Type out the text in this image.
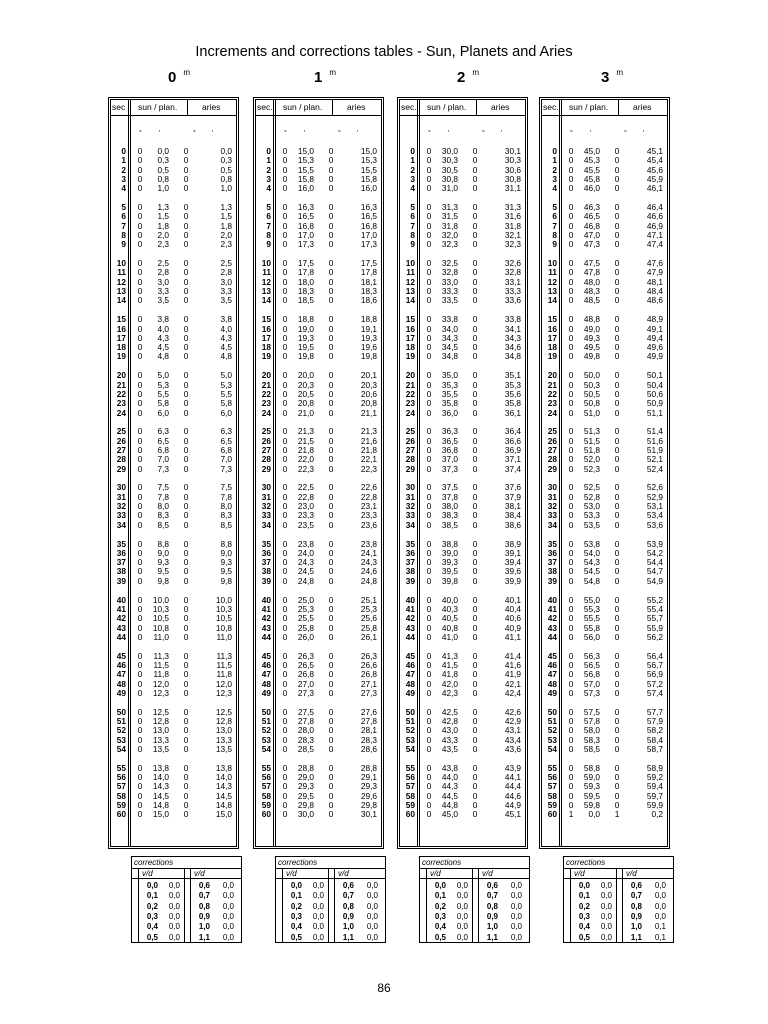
Increments and corrections tables - Sun, Planets and Aries
0 $^m$	1 $^m$	2 $^m$	3 $^m$
sec sun / plan.	aries
° '	° '
0	0	0,0	0	0,0
1	0	0,3	0	0,3
2	0	0,5	0	0,5
3	0	0,8	0	0,8
4	0	1,0	0	1,0
5	0	1,3	0	1,3
6	0	1,5	0	1,5
7	0	1,8	0	1,8
8	0	2,0	0	2,0
9	0	2,3	0	2,3
10	0	2,5	0	2,5
11	0	2,8	0	2,8
12	0	3,0	0	3,0
13	0	3,3	0	3,3
14	0	3,5	0	3,5
15	0	3,8	0	3,8
16	0	4,0	0	4,0
17	0	4,3	0	4,3
18	0	4,5	0	4,5
19	0	4,8	0	4,8
20	0	5,0	0	5,0
21	0	5,3	0	5,3
22	0	5,5	0	5,5
23	0	5,8	0	5,8
24	0	6,0	0	6,0
25	0	6,3	0	6,3
26	0	6,5	0	6,5
27	0	6,8	0	6,8
28	0	7,0	0	7,0
29	0	7,3	0	7,3
30	0	7,5	0	7,5
31	0	7,8	0	7,8
32	0	8,0	0	8,0
33	0	8,3	0	8,3
34	0	8,5	0	8,5
35	0	8,8	0	8,8
36	0	9,0	0	9,0
37	0	9,3	0	9,3
38	0	9,5	0	9,5
39	0	9,8	0	9,8
40	0	10,0	0	10,0
41	0	10,3	0	10,3
42	0	10,5	0	10,5
43	0	10,8	0	10,8
44	0	11,0	0	11,0
45	0	11,3	0	11,3
46	0	11,5	0	11,5
47	0	11,8	0	11,8
48	0	12,0	0	12,0
49	0	12,3	0	12,3
50	0	12,5	0	12,5
51	0	12,8	0	12,8
52	0	13,0	0	13,0
53	0	13,3	0	13,3
54	0	13,5	0	13,5
55	0	13,8	0	13,8
56	0	14,0	0	14,0
57	0	14,3	0	14,3
58	0	14,5	0	14,5
59	0	14,8	0	14,8
60	0	15,0	0	15,0
sec. sun / plan.	aries
° '	° '
0	0	15,0	0	15,0
1	0	15,3	0	15,3
2	0	15,5	0	15,5
3	0	15,8	0	15,8
4	0	16,0	0	16,0
5	0	16,3	0	16,3
6	0	16,5	0	16,5
7	0	16,8	0	16,8
8	0	17,0	0	17,0
9	0	17,3	0	17,3
10	0	17,5	0	17,5
11	0	17,8	0	17,8
12	0	18,0	0	18,1
13	0	18,3	0	18,3
14	0	18,5	0	18,6
15	0	18,8	0	18,8
16	0	19,0	0	19,1
17	0	19,3	0	19,3
18	0	19,5	0	19,6
19	0	19,8	0	19,8
20	0	20,0	0	20,1
21	0	20,3	0	20,3
22	0	20,5	0	20,6
23	0	20,8	0	20,8
24	0	21,0	0	21,1
25	0	21,3	0	21,3
26	0	21,5	0	21,6
27	0	21,8	0	21,8
28	0	22,0	0	22,1
29	0	22,3	0	22,3
30	0	22,5	0	22,6
31	0	22,8	0	22,8
32	0	23,0	0	23,1
33	0	23,3	0	23,3
34	0	23,5	0	23,6
35	0	23,8	0	23,8
36	0	24,0	0	24,1
37	0	24,3	0	24,3
38	0	24,5	0	24,6
39	0	24,8	0	24,8
40	0	25,0	0	25,1
41	0	25,3	0	25,3
42	0	25,5	0	25,6
43	0	25,8	0	25,8
44	0	26,0	0	26,1
45	0	26,3	0	26,3
46	0	26,5	0	26,6
47	0	26,8	0	26,8
48	0	27,0	0	27,1
49	0	27,3	0	27,3
50	0	27,5	0	27,6
51	0	27,8	0	27,8
52	0	28,0	0	28,1
53	0	28,3	0	28,3
54	0	28,5	0	28,6
55	0	28,8	0	28,8
56	0	29,0	0	29,1
57	0	29,3	0	29,3
58	0	29,5	0	29,6
59	0	29,8	0	29,8
60	0	30,0	0	30,1
sec. sun / plan.	aries
° '	° '
0	0	30,0	0	30,1
1	0	30,3	0	30,3
2	0	30,5	0	30,6
3	0	30,8	0	30,8
4	0	31,0	0	31,1
5	0	31,3	0	31,3
6	0	31,5	0	31,6
7	0	31,8	0	31,8
8	0	32,0	0	32,1
9	0	32,3	0	32,3
10	0	32,5	0	32,6
11	0	32,8	0	32,8
12	0	33,0	0	33,1
13	0	33,3	0	33,3
14	0	33,5	0	33,6
15	0	33,8	0	33,8
16	0	34,0	0	34,1
17	0	34,3	0	34,3
18	0	34,5	0	34,6
19	0	34,8	0	34,8
20	0	35,0	0	35,1
21	0	35,3	0	35,3
22	0	35,5	0	35,6
23	0	35,8	0	35,8
24	0	36,0	0	36,1
25	0	36,3	0	36,4
26	0	36,5	0	36,6
27	0	36,8	0	36,9
28	0	37,0	0	37,1
29	0	37,3	0	37,4
30	0	37,5	0	37,6
31	0	37,8	0	37,9
32	0	38,0	0	38,1
33	0	38,3	0	38,4
34	0	38,5	0	38,6
35	0	38,8	0	38,9
36	0	39,0	0	39,1
37	0	39,3	0	39,4
38	0	39,5	0	39,6
39	0	39,8	0	39,9
40	0	40,0	0	40,1
41	0	40,3	0	40,4
42	0	40,5	0	40,6
43	0	40,8	0	40,9
44	0	41,0	0	41,1
45	0	41,3	0	41,4
46	0	41,5	0	41,6
47	0	41,8	0	41,9
48	0	42,0	0	42,1
49	0	42,3	0	42,4
50	0	42,5	0	42,6
51	0	42,8	0	42,9
52	0	43,0	0	43,1
53	0	43,3	0	43,4
54	0	43,5	0	43,6
55	0	43,8	0	43,9
56	0	44,0	0	44,1
57	0	44,3	0	44,4
58	0	44,5	0	44,6
59	0	44,8	0	44,9
60	0	45,0	0	45,1
sec. sun / plan.	aries
° '	° '
0	0	45,0	0	45,1
1	0	45,3	0	45,4
2	0	45,5	0	45,6
3	0	45,8	0	45,9
4	0	46,0	0	46,1
5	0	46,3	0	46,4
6	0	46,5	0	46,6
7	0	46,8	0	46,9
8	0	47,0	0	47,1
9	0	47,3	0	47,4
10	0	47,5	0	47,6
11	0	47,8	0	47,9
12	0	48,0	0	48,1
13	0	48,3	0	48,4
14	0	48,5	0	48,6
15	0	48,8	0	48,9
16	0	49,0	0	49,1
17	0	49,3	0	49,4
18	0	49,5	0	49,6
19	0	49,8	0	49,9
20	0	50,0	0	50,1
21	0	50,3	0	50,4
22	0	50,5	0	50,6
23	0	50,8	0	50,9
24	0	51,0	0	51,1
25	0	51,3	0	51,4
26	0	51,5	0	51,6
27	0	51,8	0	51,9
28	0	52,0	0	52,1
29	0	52,3	0	52,4
30	0	52,5	0	52,6
31	0	52,8	0	52,9
32	0	53,0	0	53,1
33	0	53,3	0	53,4
34	0	53,5	0	53,6
35	0	53,8	0	53,9
36	0	54,0	0	54,2
37	0	54,3	0	54,4
38	0	54,5	0	54,7
39	0	54,8	0	54,9
40	0	55,0	0	55,2
41	0	55,3	0	55,4
42	0	55,5	0	55,7
43	0	55,8	0	55,9
44	0	56,0	0	56,2
45	0	56,3	0	56,4
46	0	56,5	0	56,7
47	0	56,8	0	56,9
48	0	57,0	0	57,2
49	0	57,3	0	57,4
50	0	57,5	0	57,7
51	0	57,8	0	57,9
52	0	58,0	0	58,2
53	0	58,3	0	58,4
54	0	58,5	0	58,7
55	0	58,8	0	58,9
56	0	59,0	0	59,2
57	0	59,3	0	59,4
58	0	59,5	0	59,7
59	0	59,8	0	59,9
60	1	0,0	1	0,2
corrections
v/d	v/d
0,0	0,0	0,6	0,0
0,1	0,0	0,7	0,0
0,2	0,0	0,8	0,0
0,3	0,0	0,9	0,0
0,4	0,0	1,0	0,0
0,5	0,0	1,1	0,0
corrections
v/d	v/d
0,0	0,0	0,6	0,0
0,1	0,0	0,7	0,0
0,2	0,0	0,8	0,0
0,3	0,0	0,9	0,0
0,4	0,0	1,0	0,0
0,5	0,0	1,1	0,0
corrections
v/d	v/d
0,0	0,0	0,6	0,0
0,1	0,0	0,7	0,0
0,2	0,0	0,8	0,0
0,3	0,0	0,9	0,0
0,4	0,0	1,0	0,0
0,5	0,0	1,1	0,0
corrections
v/d	v/d
0,0	0,0	0,6	0,0
0,1	0,0	0,7	0,0
0,2	0,0	0,8	0,0
0,3	0,0	0,9	0,0
0,4	0,0	1,0	0,1
0,5	0,0	1,1	0,1
86
